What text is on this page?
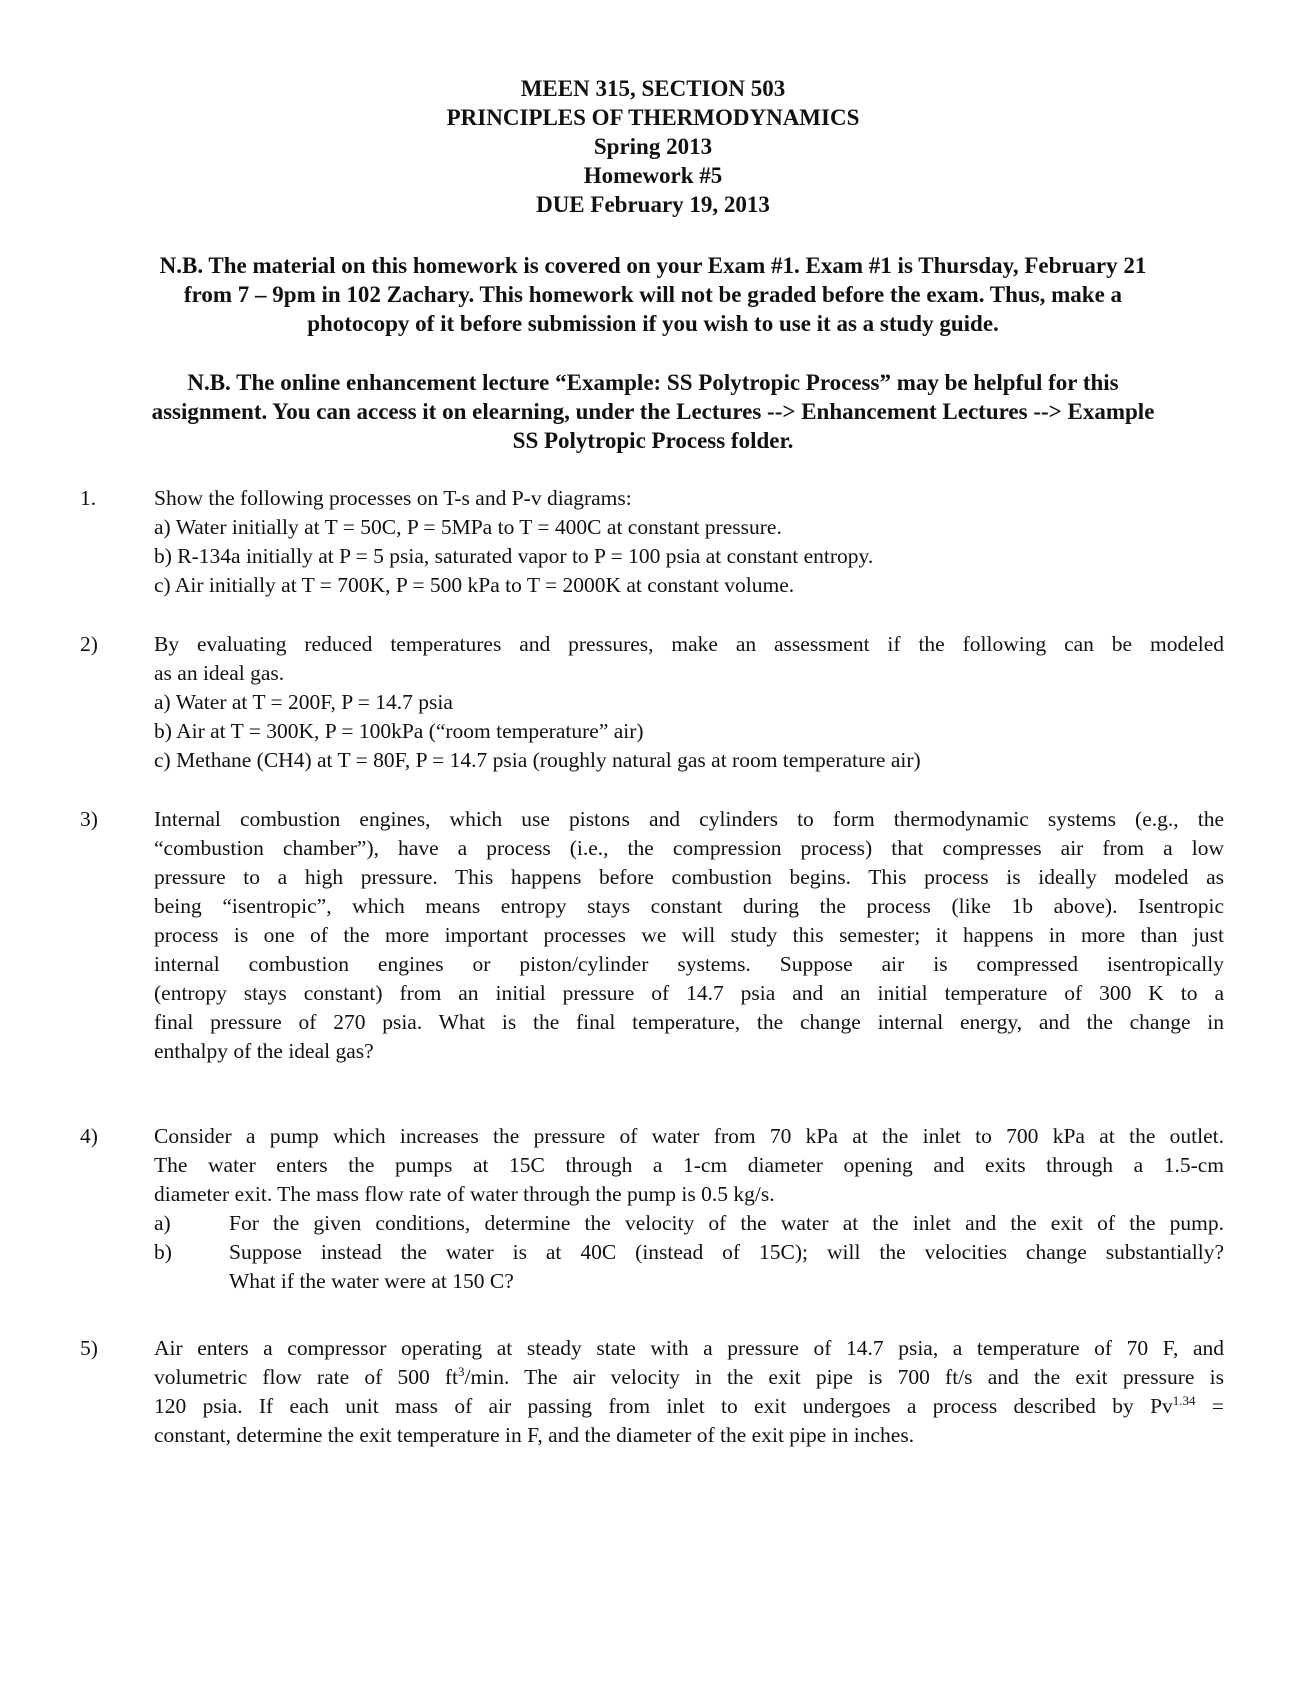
MEEN 315, SECTION 503
PRINCIPLES OF THERMODYNAMICS
Spring 2013
Homework #5
DUE February 19, 2013
N.B. The material on this homework is covered on your Exam #1. Exam #1 is Thursday, February 21
from 7 – 9pm in 102 Zachary. This homework will not be graded before the exam. Thus, make a
photocopy of it before submission if you wish to use it as a study guide.
N.B. The online enhancement lecture “Example: SS Polytropic Process” may be helpful for this
assignment. You can access it on elearning, under the Lectures --> Enhancement Lectures --> Example
SS Polytropic Process folder.
1.	Show the following processes on T-s and P-v diagrams:
a) Water initially at T = 50C, P = 5MPa to T = 400C at constant pressure.
b) R-134a initially at P = 5 psia, saturated vapor to P = 100 psia at constant entropy.
c) Air initially at T = 700K, P = 500 kPa to T = 2000K at constant volume.
2)	By evaluating reduced temperatures and pressures, make an assessment if the following can be modeled
as an ideal gas.
a) Water at T = 200F, P = 14.7 psia
b) Air at T = 300K, P = 100kPa (“room temperature” air)
c) Methane (CH4) at T = 80F, P = 14.7 psia (roughly natural gas at room temperature air)
3)	Internal combustion engines, which use pistons and cylinders to form thermodynamic systems (e.g., the
“combustion chamber”), have a process (i.e., the compression process) that compresses air from a low
pressure to a high pressure. This happens before combustion begins. This process is ideally modeled as
being “isentropic”, which means entropy stays constant during the process (like 1b above). Isentropic
process is one of the more important processes we will study this semester; it happens in more than just
internal combustion engines or piston/cylinder systems. Suppose air is compressed isentropically
(entropy stays constant) from an initial pressure of 14.7 psia and an initial temperature of 300 K to a
final pressure of 270 psia. What is the final temperature, the change internal energy, and the change in
enthalpy of the ideal gas?
4)	Consider a pump which increases the pressure of water from 70 kPa at the inlet to 700 kPa at the outlet.
The water enters the pumps at 15C through a 1-cm diameter opening and exits through a 1.5-cm
diameter exit. The mass flow rate of water through the pump is 0.5 kg/s.
a)	For the given conditions, determine the velocity of the water at the inlet and the exit of the pump.
b)	Suppose instead the water is at 40C (instead of 15C); will the velocities change substantially?
What if the water were at 150 C?
5)	Air enters a compressor operating at steady state with a pressure of 14.7 psia, a temperature of 70 F, and
volumetric flow rate of 500 $ft^3/\min$. The air velocity in the exit pipe is 700 ft/s and the exit pressure is
120 psia. If each unit mass of air passing from inlet to exit undergoes a process described by $Pv^{1.34}$ =
constant, determine the exit temperature in F, and the diameter of the exit pipe in inches.
